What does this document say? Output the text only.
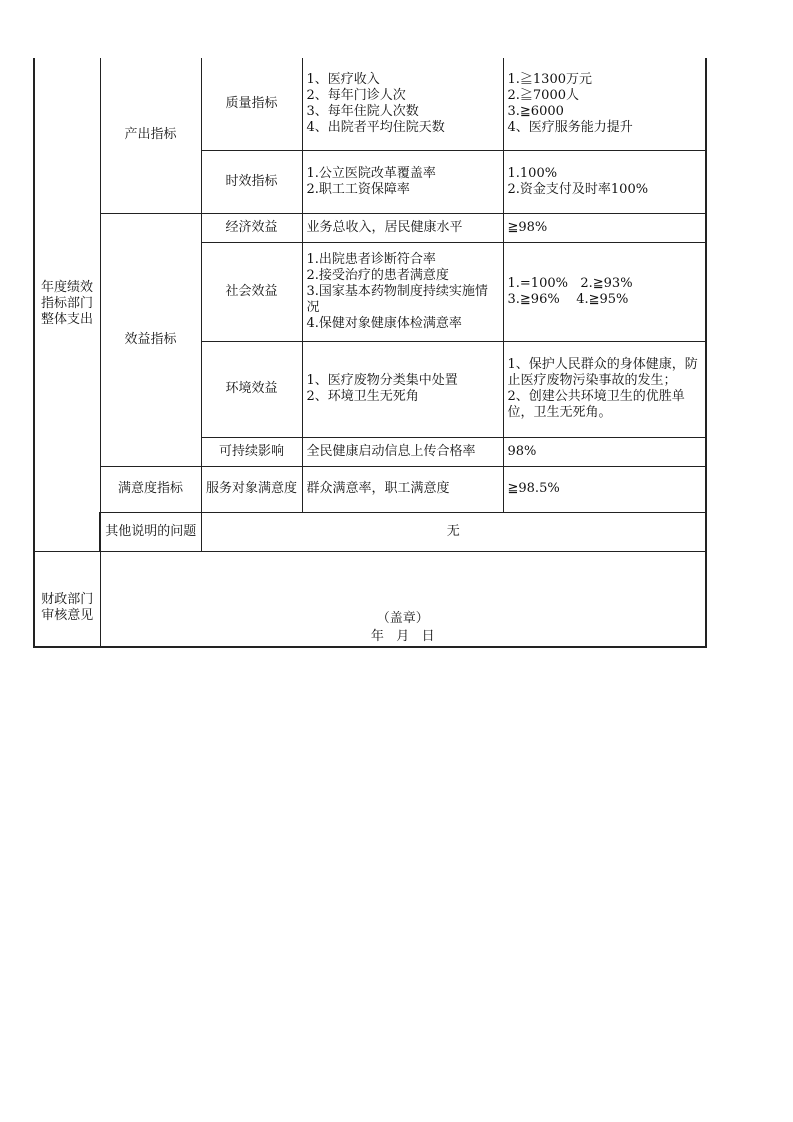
年度绩效指标部门整体支出	产出指标	质量指标	1、医疗收入
2、每年门诊人次
3、每年住院人次数
4、出院者平均住院天数	1.≧1300万元
2.≧7000人
3.≧6000
4、医疗服务能力提升

		时效指标	1.公立医院改革覆盖率
2.职工工资保障率	1.100%
2.资金支付及时率100%

	效益指标	经济效益	业务总收入，居民健康水平	≧98%

		社会效益	1.出院患者诊断符合率
2.接受治疗的患者满意度
3.国家基本药物制度持续实施情况
4.保健对象健康体检满意率	1.=100%   2.≧93%
3.≧96%    4.≧95%

		环境效益	1、医疗废物分类集中处置
2、环境卫生无死角	1、保护人民群众的身体健康，防止医疗废物污染事故的发生；
2、创建公共环境卫生的优胜单位，卫生无死角。

		可持续影响	全民健康启动信息上传合格率	98%

	满意度指标	服务对象满意度	群众满意率，职工满意度	≧98.5%

	其他说明的问题	无		
财政部门审核意见	（盖章）
年   月   日			
